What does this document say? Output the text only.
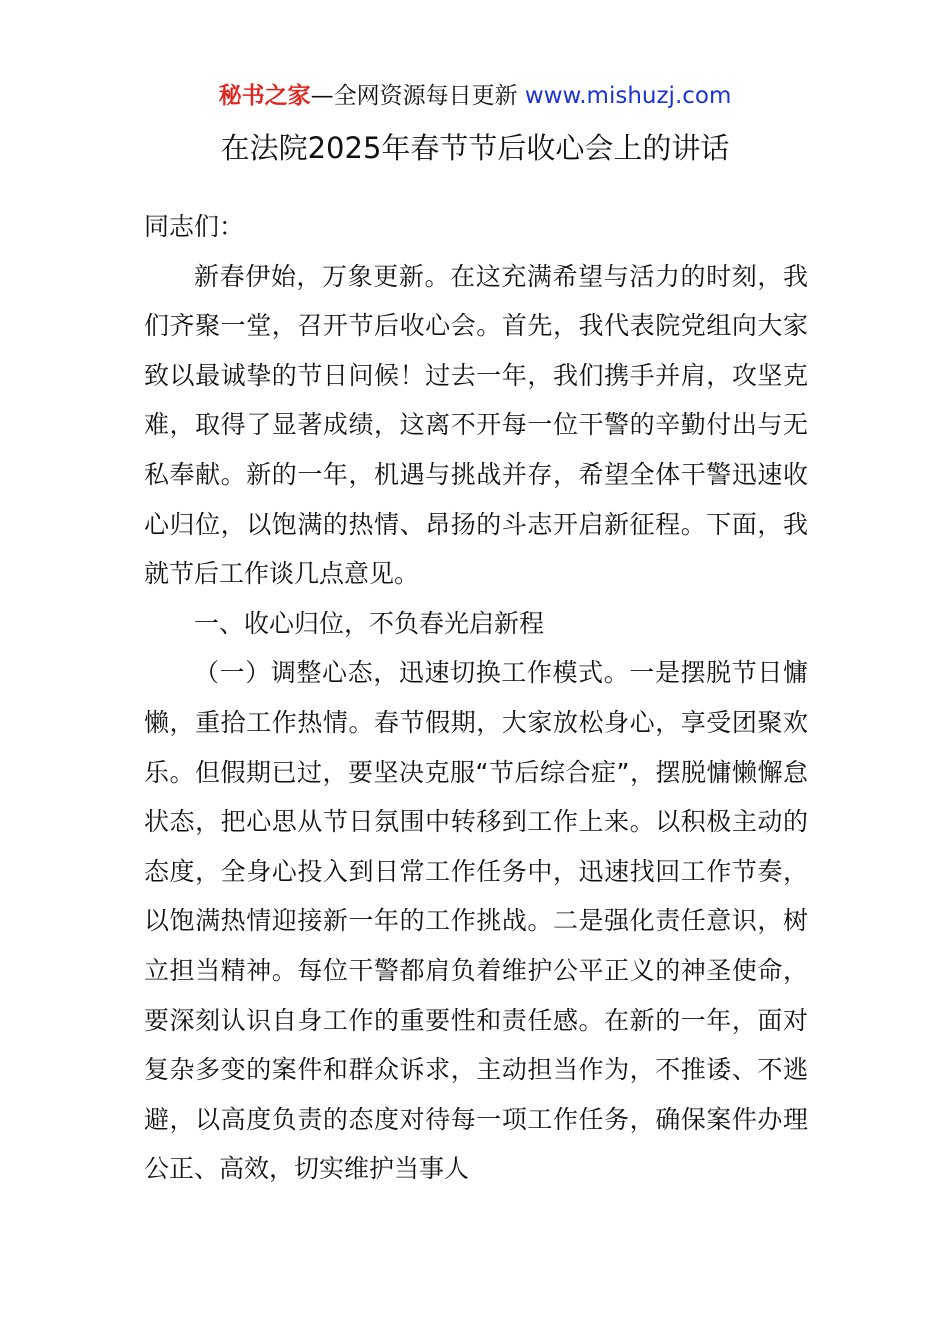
秘书之家—全网资源每日更新 www.mishuzj.com
在法院2025年春节节后收心会上的讲话

同志们：

新春伊始，万象更新。在这充满希望与活力的时刻，我们齐聚一堂，召开节后收心会。首先，我代表院党组向大家致以最诚挚的节日问候！过去一年，我们携手并肩，攻坚克难，取得了显著成绩，这离不开每一位干警的辛勤付出与无私奉献。新的一年，机遇与挑战并存，希望全体干警迅速收心归位，以饱满的热情、昂扬的斗志开启新征程。下面，我就节后工作谈几点意见。

一、收心归位，不负春光启新程

（一）调整心态，迅速切换工作模式。一是摆脱节日慵懒，重拾工作热情。春节假期，大家放松身心，享受团聚欢乐。但假期已过，要坚决克服“节后综合症”，摆脱慵懒懈怠状态，把心思从节日氛围中转移到工作上来。以积极主动的态度，全身心投入到日常工作任务中，迅速找回工作节奏，以饱满热情迎接新一年的工作挑战。二是强化责任意识，树立担当精神。每位干警都肩负着维护公平正义的神圣使命，要深刻认识自身工作的重要性和责任感。在新的一年，面对复杂多变的案件和群众诉求，主动担当作为，不推诿、不逃避，以高度负责的态度对待每一项工作任务，确保案件办理公正、高效，切实维护当事人
